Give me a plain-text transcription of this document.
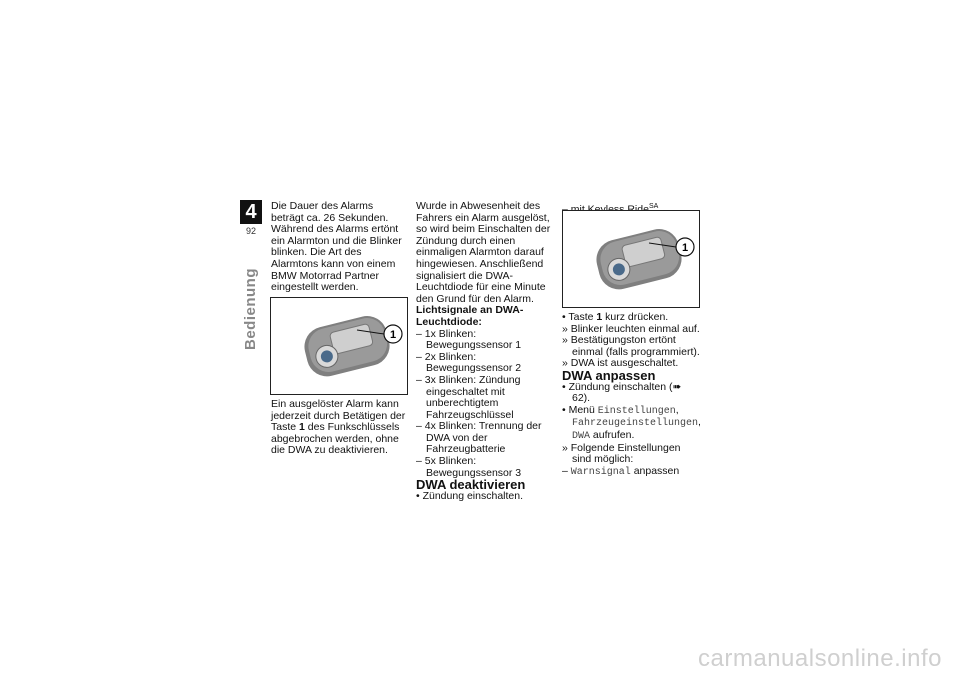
4
92
Bedienung

Die Dauer des Alarms beträgt ca. 26 Sekunden. Während des Alarms ertönt ein Alarmton und die Blinker blinken. Die Art des Alarmtons kann von einem BMW Motorrad Partner eingestellt werden.

1

Ein ausgelöster Alarm kann jederzeit durch Betätigen der Taste 1 des Funkschlüssels abgebrochen werden, ohne die DWA zu deaktivieren.

Wurde in Abwesenheit des Fahrers ein Alarm ausgelöst, so wird beim Einschalten der Zündung durch einen einmaligen Alarmton darauf hingewiesen. Anschließend signalisiert die DWA-Leuchtdiode für eine Minute den Grund für den Alarm.

Lichtsignale an DWA-Leuchtdiode:

– 1x Blinken: Bewegungssensor 1

– 2x Blinken: Bewegungssensor 2

– 3x Blinken: Zündung eingeschaltet mit unberechtigtem Fahrzeugschlüssel

– 4x Blinken: Trennung der DWA von der Fahrzeugbatterie

– 5x Blinken: Bewegungssensor 3

DWA deaktivieren

• Zündung einschalten.

$^{SA}$

1

• Taste 1 kurz drücken.

» Blinker leuchten einmal auf.

» Bestätigungston ertönt einmal (falls programmiert).

» DWA ist ausgeschaltet.

DWA anpassen

• Zündung einschalten (➠ 62).

• Menü Einstellungen, Fahrzeugeinstellungen, DWA aufrufen.

» Folgende Einstellungen sind möglich:

– Warnsignal anpassen

carmanualsonline.info
